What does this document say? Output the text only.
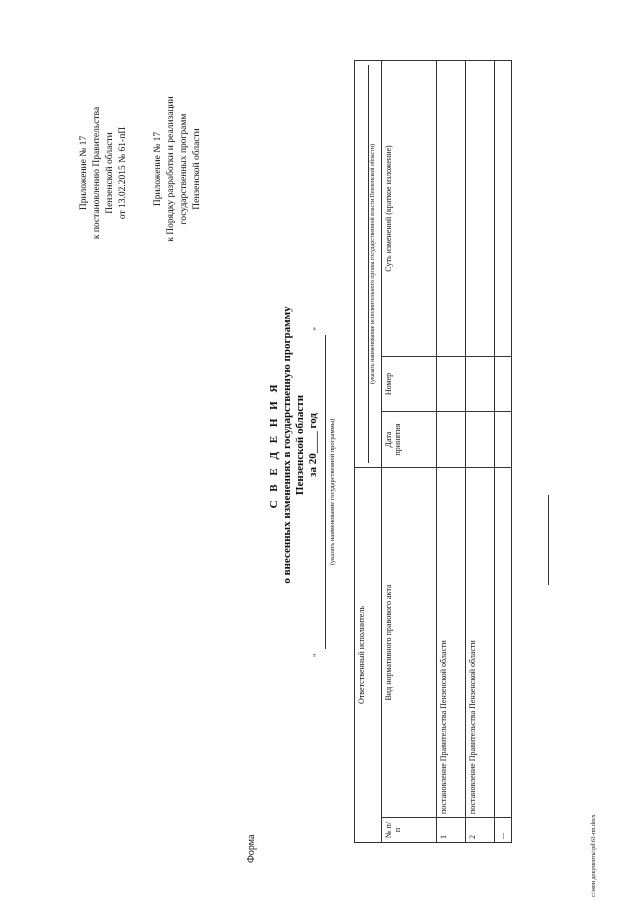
Форма
Приложение № 17 к постановлению Правительства Пензенской области от 13.02.2015 № 61-пП	Приложение № 17 к Порядку разработки и реализации государственных программ Пензенской области
С В Е Д Е Н И Я о внесенных изменениях в государственную программу Пензенской области за 20____ год
"
"
(указать наименование государственной программы)
Ответственный исполнитель		(указать наименование исполнительного органа государственной власти Пензенской области)		

№ п/п	Вид нормативного правового акта	Дата принятия	Номер	Суть изменений (краткое изложение)
1	постановление Правительства Пензенской области			
2	постановление Правительства Пензенской области			
...					c:\мои документы\pd\61-пп.docx
